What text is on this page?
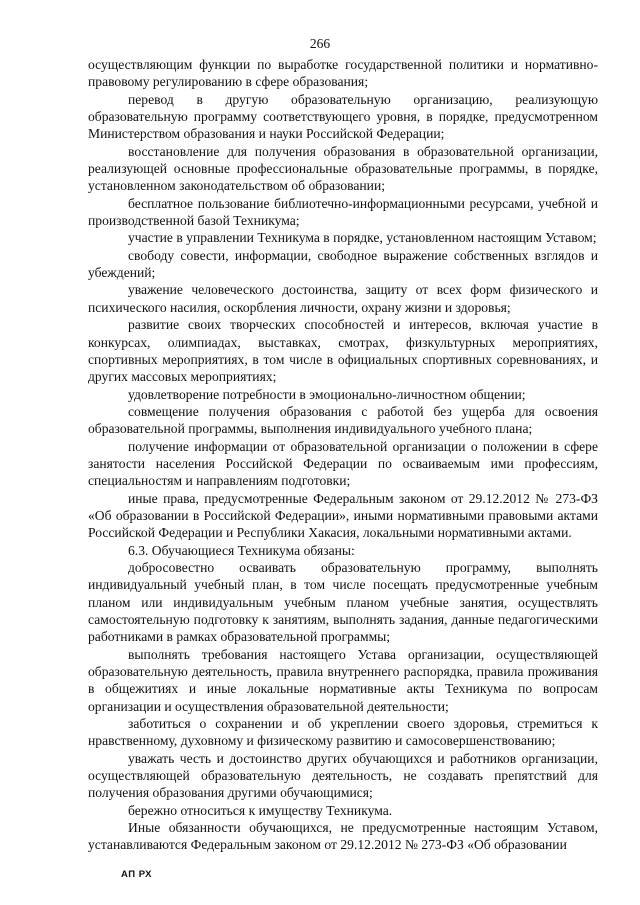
266

осуществляющим функции по выработке государственной политики и нормативно-правовому регулированию в сфере образования;

перевод в другую образовательную организацию, реализующую образовательную программу соответствующего уровня, в порядке, предусмотренном Министерством образования и науки Российской Федерации;

восстановление для получения образования в образовательной организации, реализующей основные профессиональные образовательные программы, в порядке, установленном законодательством об образовании;

бесплатное пользование библиотечно-информационными ресурсами, учебной и производственной базой Техникума;

участие в управлении Техникума в порядке, установленном настоящим Уставом;

свободу совести, информации, свободное выражение собственных взглядов и убеждений;

уважение человеческого достоинства, защиту от всех форм физического и психического насилия, оскорбления личности, охрану жизни и здоровья;

развитие своих творческих способностей и интересов, включая участие в конкурсах, олимпиадах, выставках, смотрах, физкультурных мероприятиях, спортивных мероприятиях, в том числе в официальных спортивных соревнованиях, и других массовых мероприятиях;

удовлетворение потребности в эмоционально-личностном общении;

совмещение получения образования с работой без ущерба для освоения образовательной программы, выполнения индивидуального учебного плана;

получение информации от образовательной организации о положении в сфере занятости населения Российской Федерации по осваиваемым ими профессиям, специальностям и направлениям подготовки;

иные права, предусмотренные Федеральным законом от 29.12.2012 № 273-ФЗ «Об образовании в Российской Федерации», иными нормативными правовыми актами Российской Федерации и Республики Хакасия, локальными нормативными актами.

6.3. Обучающиеся Техникума обязаны:

добросовестно осваивать образовательную программу, выполнять индивидуальный учебный план, в том числе посещать предусмотренные учебным планом или индивидуальным учебным планом учебные занятия, осуществлять самостоятельную подготовку к занятиям, выполнять задания, данные педагогическими работниками в рамках образовательной программы;

выполнять требования настоящего Устава организации, осуществляющей образовательную деятельность, правила внутреннего распорядка, правила проживания в общежитиях и иные локальные нормативные акты Техникума по вопросам организации и осуществления образовательной деятельности;

заботиться о сохранении и об укреплении своего здоровья, стремиться к нравственному, духовному и физическому развитию и самосовершенствованию;

уважать честь и достоинство других обучающихся и работников организации, осуществляющей образовательную деятельность, не создавать препятствий для получения образования другими обучающимися;

бережно относиться к имуществу Техникума.

Иные обязанности обучающихся, не предусмотренные настоящим Уставом, устанавливаются Федеральным законом от 29.12.2012 № 273-ФЗ «Об образовании

АП РХ
